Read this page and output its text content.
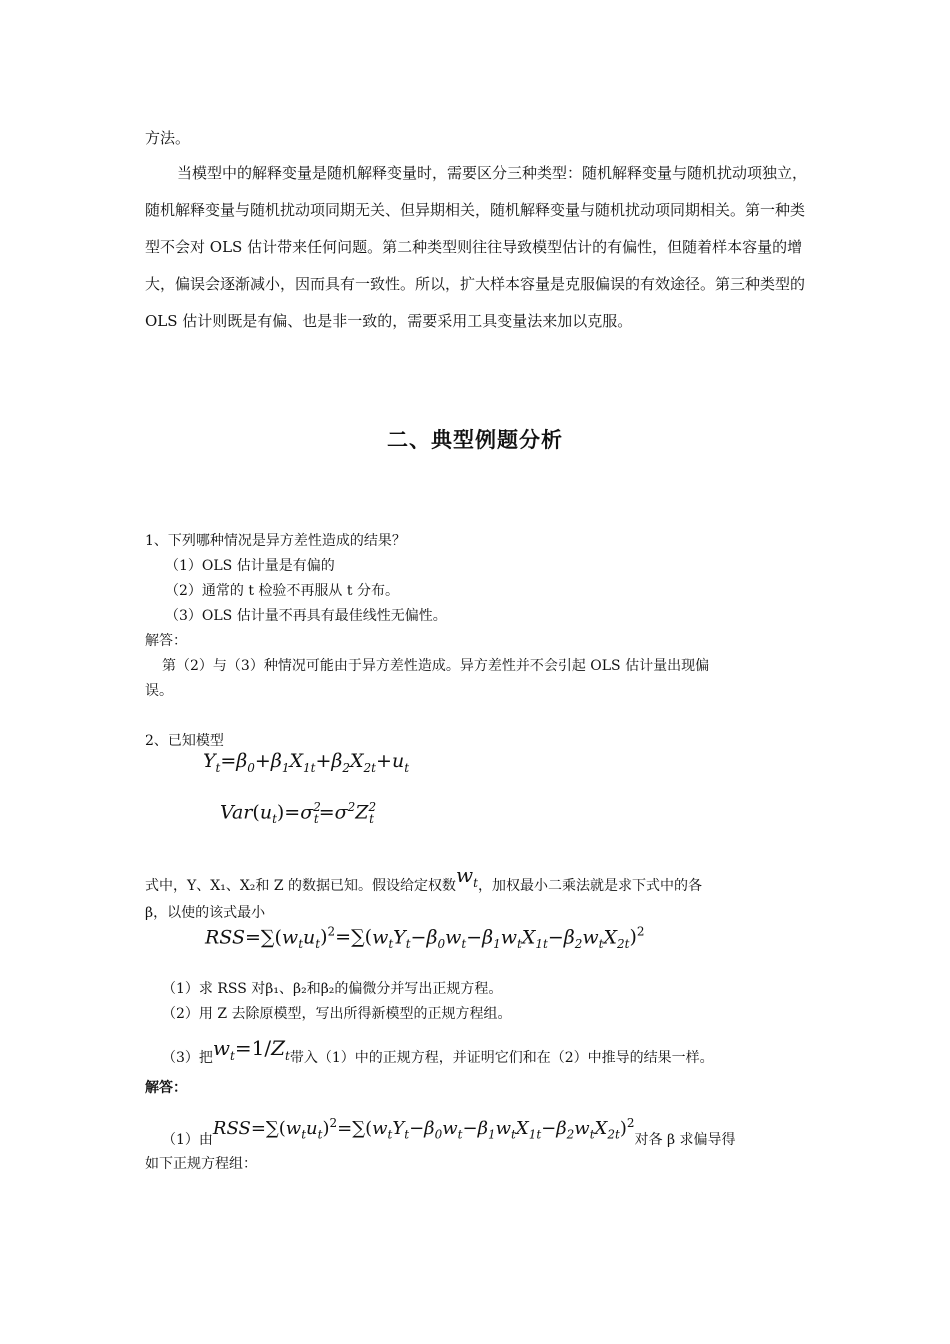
方法。

当模型中的解释变量是随机解释变量时，需要区分三种类型：随机解释变量与随机扰动项独立，随机解释变量与随机扰动项同期无关、但异期相关，随机解释变量与随机扰动项同期相关。第一种类型不会对 OLS 估计带来任何问题。第二种类型则往往导致模型估计的有偏性，但随着样本容量的增大，偏误会逐渐减小，因而具有一致性。所以，扩大样本容量是克服偏误的有效途径。第三种类型的 OLS 估计则既是有偏、也是非一致的，需要采用工具变量法来加以克服。

二、典型例题分析

1、下列哪种情况是异方差性造成的结果？

（1）OLS 估计量是有偏的

（2）通常的 t 检验不再服从 t 分布。

（3）OLS 估计量不再具有最佳线性无偏性。

解答：

第（2）与（3）种情况可能由于异方差性造成。异方差性并不会引起 OLS 估计量出现偏

误。

2、已知模型

$Y_t=\beta_0+\beta_1X_{1t}+\beta_2X_{2t}+u_t$
$Var(u_t)=\sigma^2_t=\sigma^2Z^2_t$

式中，Y、X₁、X₂和 Z 的数据已知。假设给定权数$w_t$，加权最小二乘法就是求下式中的各

β，以使的该式最小

$RSS=\sum(w_tu_t)^2=\sum(w_tY_t-\beta_0w_t-\beta_1w_tX_{1t}-\beta_2w_tX_{2t})^2$

（1）求 RSS 对β₁、β₂和β₂的偏微分并写出正规方程。

（2）用 Z 去除原模型，写出所得新模型的正规方程组。

（3）把$w_t=1/Z_t$带入（1）中的正规方程，并证明它们和在（2）中推导的结果一样。

解答：

（1）由$RSS=\sum(w_tu_t)^2=\sum(w_tY_t-\beta_0w_t-\beta_1w_tX_{1t}-\beta_2w_tX_{2t})^2$对各 β 求偏导得

如下正规方程组：
